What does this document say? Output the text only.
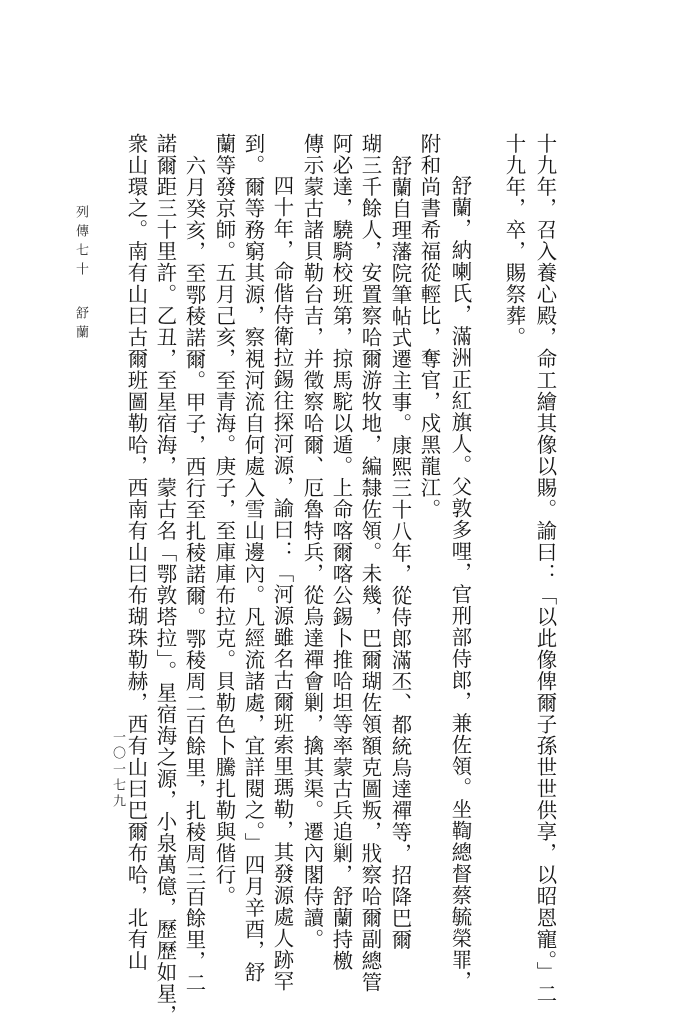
十九年，召入養心殿，命工繪其像以賜。諭曰：「以此像俾爾子孫世世供享，以昭恩寵。」二
十九年，卒，賜祭葬。
舒蘭，納喇氏，滿洲正紅旗人。父敦多哩，官刑部侍郎，兼佐領。坐鞫總督蔡毓榮罪，
附和尚書希福從輕比，奪官，戍黑龍江。
舒蘭自理藩院筆帖式遷主事。康熙三十八年，從侍郎滿丕、都統烏達禪等，招降巴爾
瑚三千餘人，安置察哈爾游牧地，編隸佐領。未幾，巴爾瑚佐領額克圖叛，戕察哈爾副總管
阿必達，驍騎校班第，掠馬駝以遁。上命喀爾喀公錫卜推哈坦等率蒙古兵追剿，舒蘭持檄
傳示蒙古諸貝勒台吉，并徵察哈爾、厄魯特兵，從烏達禪會剿，擒其渠。遷內閣侍讀。
四十年，命偕侍衛拉錫往探河源，諭曰：「河源雖名古爾班索里瑪勒，其發源處人跡罕
到。爾等務窮其源，察視河流自何處入雪山邊內。凡經流諸處，宜詳閱之。」四月辛酉，舒
蘭等發京師。五月己亥，至青海。庚子，至庫庫布拉克。貝勒色卜騰扎勒與偕行。
六月癸亥，至鄂稜諾爾。甲子，西行至扎稜諾爾。鄂稜周二百餘里，扎稜周三百餘里，二
諾爾距三十里許。乙丑，至星宿海，蒙古名「鄂敦塔拉」。星宿海之源，小泉萬億，歷歷如星，
衆山環之。南有山曰古爾班圖勒哈，西南有山曰布瑚珠勒赫，西有山曰巴爾布哈，北有山
列傳七十
舒蘭
一〇一七九
